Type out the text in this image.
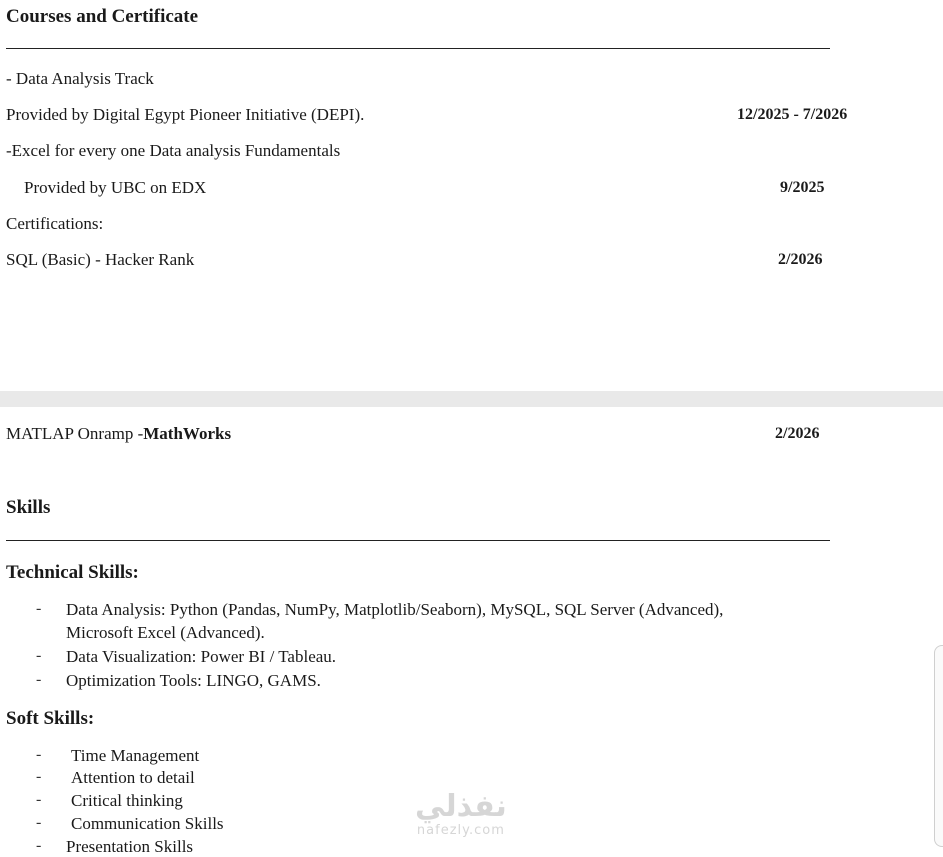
Courses and Certificate
- Data Analysis Track
Provided by Digital Egypt Pioneer Initiative (DEPI).	12/2025 - 7/2026
-Excel for every one Data analysis Fundamentals
Provided by UBC on EDX	9/2025
Certifications:
SQL (Basic) - Hacker Rank	2/2026
MATLAP Onramp -MathWorks	2/2026
Skills
Technical Skills:
- Data Analysis: Python (Pandas, NumPy, Matplotlib/Seaborn), MySQL, SQL Server (Advanced),
Microsoft Excel (Advanced).
- Data Visualization: Power BI / Tableau.
- Optimization Tools: LINGO, GAMS.
Soft Skills:
- Time Management
- Attention to detail
- Critical thinking
- Communication Skills
- Presentation Skills
نفذلي
nafezly.com
